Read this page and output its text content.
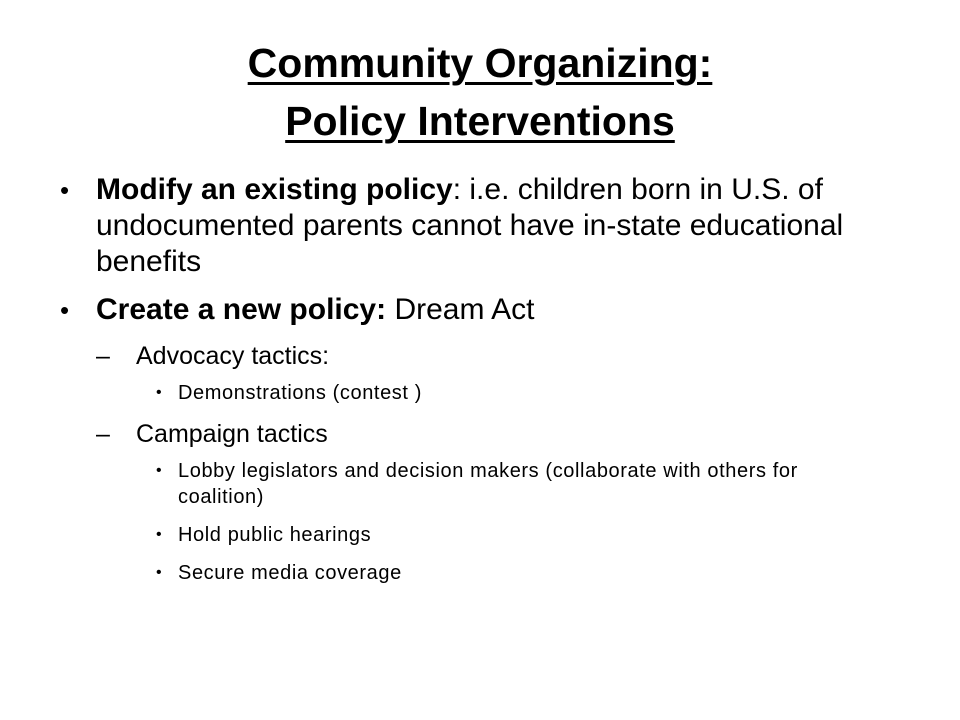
Community Organizing:
Policy Interventions
• Modify an existing policy: i.e. children born in U.S. of undocumented parents cannot have in-state educational benefits
• Create a new policy: Dream Act
– Advocacy tactics:
• Demonstrations (contest )
– Campaign tactics
• Lobby legislators and decision makers (collaborate with others for coalition)
• Hold public hearings
• Secure media coverage
